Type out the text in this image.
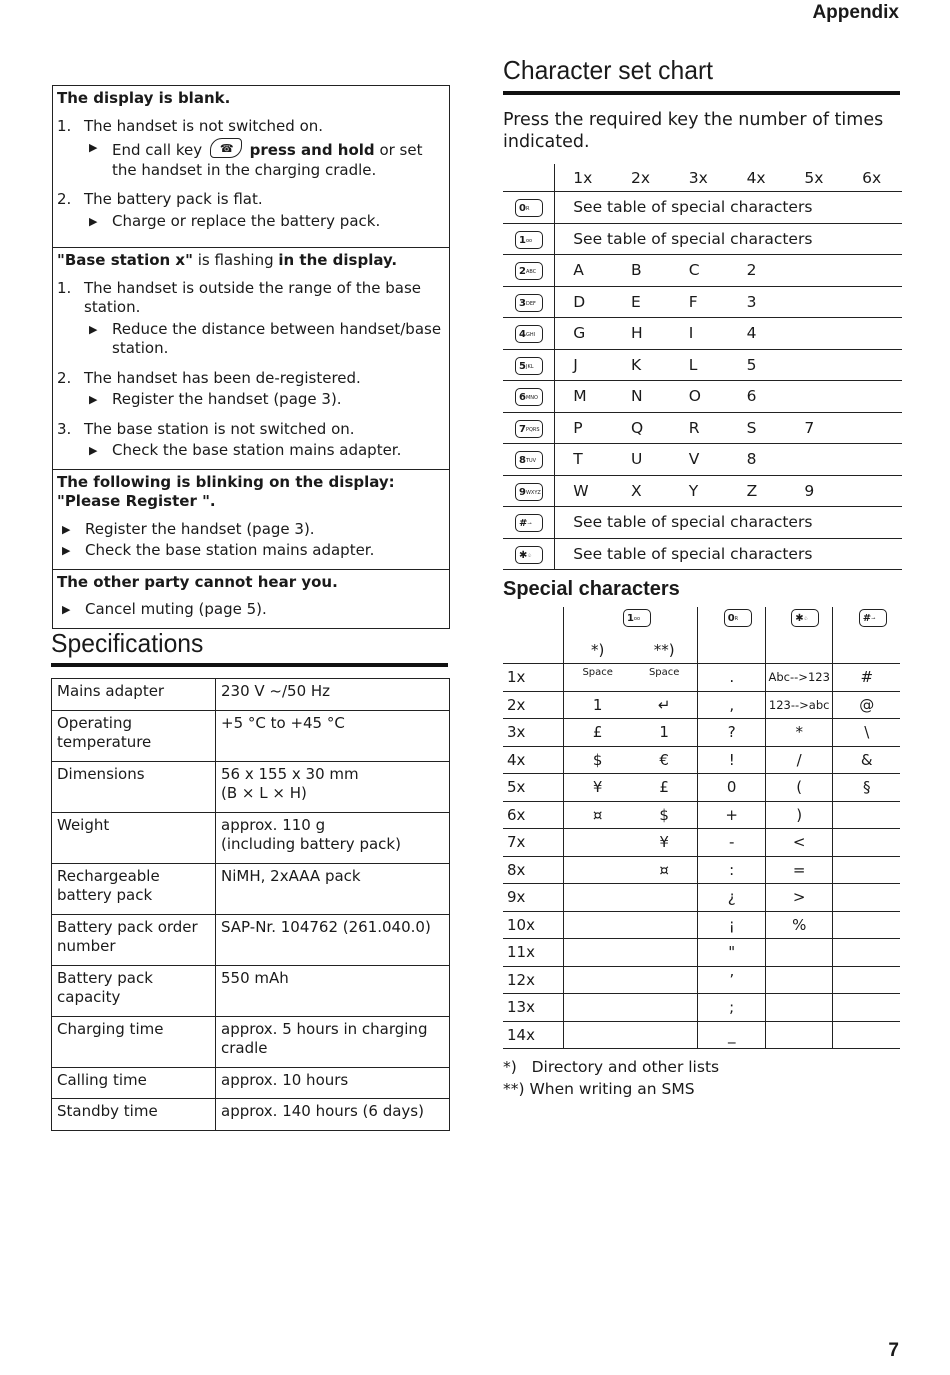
Appendix
The display is blank.
1. The handset is not switched on.
▶ End call key ☎	press and hold or set the handset in the charging cradle.
2. The battery pack is flat.
▶ Charge or replace the battery pack.
"Base station x" is flashing in the display.
1. The handset is outside the range of the base station.
▶ Reduce the distance between handset/base station.
2. The handset has been de-registered.
▶ Register the handset (page 3).
3. The base station is not switched on.
▶ Check the base station mains adapter.
The following is blinking on the display: "Please Register ".
▶ Register the handset (page 3).
▶ Check the base station mains adapter.
The other party cannot hear you.
▶ Cancel muting (page 5).
Specifications
Mains adapter	230 V ~/50 Hz
Operating temperature	+5 °C to +45 °C
Dimensions	56 x 155 x 30 mm
(B × L × H)
Weight	approx. 110 g
(including battery pack)
Rechargeable battery pack	NiMH, 2xAAA pack
Battery pack order number	SAP-Nr. 104762 (261.040.0)
Battery pack capacity	550 mAh
Charging time	approx. 5 hours in charging cradle
Calling time	approx. 10 hours
Standby time	approx. 140 hours (6 days)
Character set chart
Press the required key the number of times indicated.
	1x	2x	3x	4x	5x	6x
$0^R$	See table of special characters					
$1^{oo}$	See table of special characters					
$2^{ABC}$	A	B	C	2		
$3^{DEF}$	D	E	F	3		
$4^{GHI}$	G	H	I	4		
$5^{JKL}$	J	K	L	5		
$6^{MNO}$	M	N	O	6		
$7^{PQRS}$	P	Q	R	S	7	
$8^{TUV}$	T	U	V	8		
$9^{WXYZ}$	W	X	Y	Z	9	
#⊸	See table of special characters					
✱♤	See table of special characters					
Special characters
	$1^{oo}$		$0^R$	✱♤	#⊸
	*)	**)			
1x	Space	Space	.	Abc-->123	#
2x	1	↵	,	123-->abc	@
3x	£	1	?	*	\
4x	$	€	!	/	&
5x	¥	£	0	(	§
6x	¤	$	+	)	
7x		¥	-	<	
8x		¤	:	=	
9x			¿	>	
10x			¡	%	
11x			"		
12x			’		
13x			;		
14x			_		
*)   Directory and other lists
**) When writing an SMS
7
